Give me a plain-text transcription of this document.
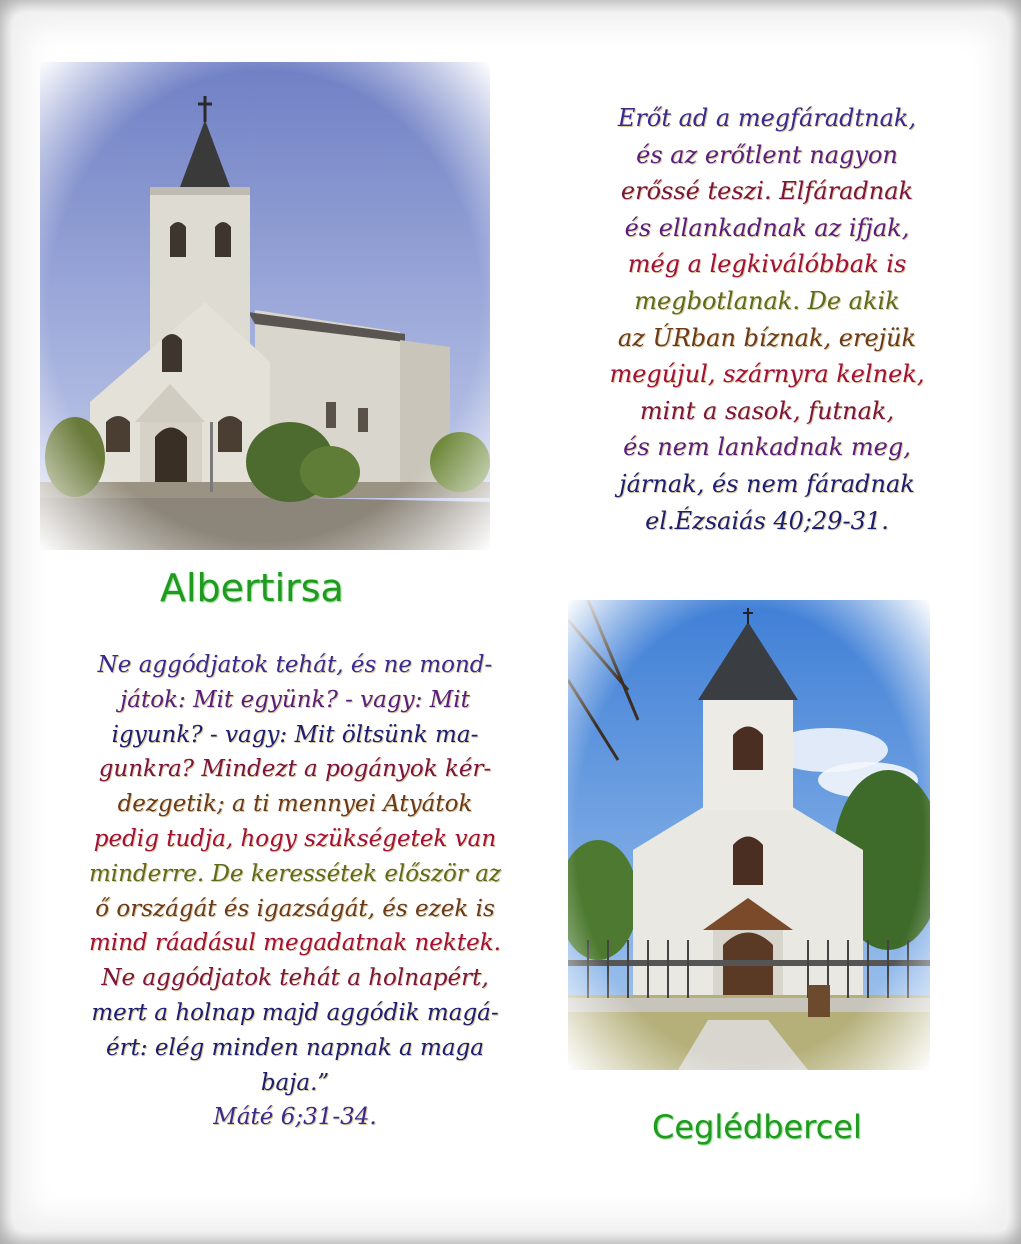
Erőt ad a megfáradtnak,
és az erőtlent nagyon
erőssé teszi. Elfáradnak
és ellankadnak az ifjak,
még a legkiválóbbak is
megbotlanak. De akik
az ÚRban bíznak, erejük
megújul, szárnyra kelnek,
mint a sasok, futnak,
és nem lankadnak meg,
járnak, és nem fáradnak
el.Ézsaiás 40;29-31.
Albertirsa
Ne aggódjatok tehát, és ne mond-
játok: Mit együnk? - vagy: Mit
igyunk? - vagy: Mit öltsünk ma-
gunkra? Mindezt a pogányok kér-
dezgetik; a ti mennyei Atyátok
pedig tudja, hogy szükségetek van
minderre. De keressétek először az
ő országát és igazságát, és ezek is
mind ráadásul megadatnak nektek.
Ne aggódjatok tehát a holnapért,
mert a holnap majd aggódik magá-
ért: elég minden napnak a maga
baja.”
Máté 6;31-34.	Ceglédbercel
